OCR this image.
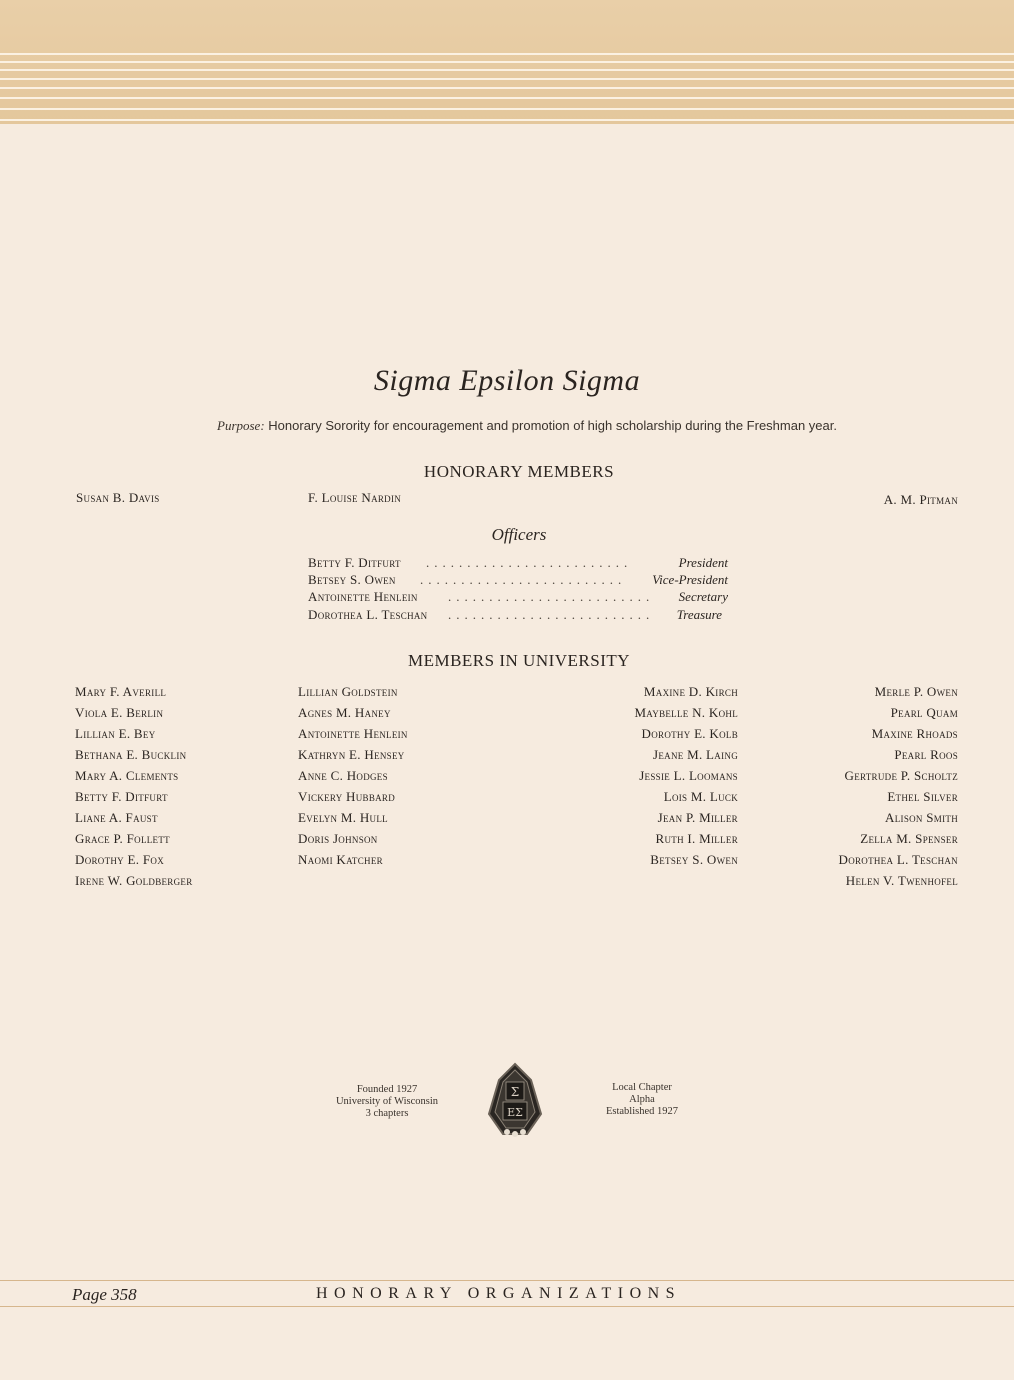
Sigma Epsilon Sigma
Purpose: Honorary Sorority for encouragement and promotion of high scholarship during the Freshman year.
HONORARY MEMBERS
Susan B. Davis	F. Louise Nardin	A. M. Pitman
Officers
Betty F. Ditfurt .........................	President
Betsey S. Owen .........................	Vice-President
Antoinette Henlein .........................	Secretary
Dorothea L. Teschan .........................	Treasure
MEMBERS IN UNIVERSITY
Mary F. Averill
Viola E. Berlin
Lillian E. Bey
Bethana E. Bucklin
Mary A. Clements
Betty F. Ditfurt
Liane A. Faust
Grace P. Follett
Dorothy E. Fox
Irene W. Goldberger
Lillian Goldstein
Agnes M. Haney
Antoinette Henlein
Kathryn E. Hensey
Anne C. Hodges
Vickery Hubbard
Evelyn M. Hull
Doris Johnson
Naomi Katcher
Maxine D. Kirch
Maybelle N. Kohl
Dorothy E. Kolb
Jeane M. Laing
Jessie L. Loomans
Lois M. Luck
Jean P. Miller
Ruth I. Miller
Betsey S. Owen
Merle P. Owen
Pearl Quam
Maxine Rhoads
Pearl Roos
Gertrude P. Scholtz
Ethel Silver
Alison Smith
Zella M. Spenser
Dorothea L. Teschan
Helen V. Twenhofel
Founded 1927
University of Wisconsin
3 chapters
Σ
ΕΣ
Local Chapter
Alpha
Established 1927
Page 358	HONORARY ORGANIZATIONS
